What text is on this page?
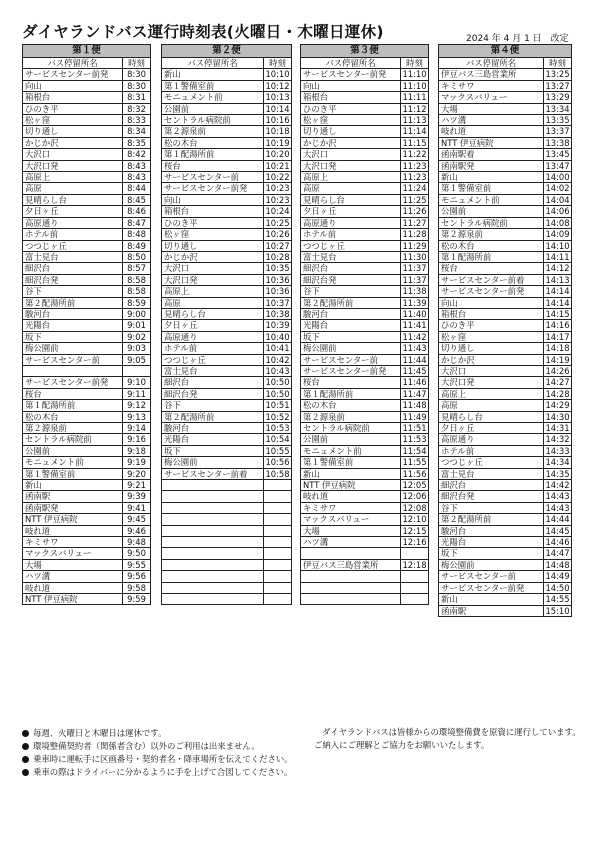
ダイヤランドバス運行時刻表(火曜日・木曜日運休)	2024 年 4 月 1 日　改定
第１便	
バス停留所名	時刻
サービスセンター前発	8:30
向山	8:30
箱根台	8:31
ひのき平	8:32
松ヶ窪	8:33
切り通し	8:34
かじか沢	8:35
大沢口	8:42
大沢口発	8:43
高原上	8:43
高原	8:44
見晴らし台	8:45
夕日ヶ丘	8:46
高原通り	8:47
ホテル前	8:48
つつじヶ丘	8:49
富士見台	8:50
細沢台	8:57
細沢台発	8:58
谷下	8:58
第２配湯所前	8:59
駿河台	9:00
光陽台	9:01
坂下	9:02
梅公園前	9:03
サービスセンター前	9:05

サービスセンター前発	9:10
桜台	9:11
第１配湯所前	9:12
松の木台	9:13
第２源泉前	9:14
セントラル病院前	9:16
公園前	9:18
モニュメント前	9:19
第１警備室前	9:20
新山	9:21
函南駅	9:39
函南駅発	9:41
NTT 伊豆病院	9:45
岐れ道	9:46
キミサワ	9:48
マックスバリュー	9:50
大場	9:55
ハツ溝	9:56
岐れ道	9:58
NTT 伊豆病院	9:59
第２便	
バス停留所名	時刻
新山	10:10
第１警備室前	10:12
モニュメント前	10:13
公園前	10:14
セントラル病院前	10:16
第２源泉前	10:18
松の木台	10:19
第１配湯所前	10:20
桜台	10:21
サービスセンター前	10:22
サービスセンター前発	10:23
向山	10:23
箱根台	10:24
ひのき平	10:25
松ヶ窪	10:26
切り通し	10:27
かじか沢	10:28
大沢口	10:35
大沢口発	10:36
高原上	10:36
高原	10:37
見晴らし台	10:38
夕日ヶ丘	10:39
高原通り	10:40
ホテル前	10:41
つつじヶ丘	10:42
富士見台	10:43
細沢台	10:50
細沢台発	10:50
谷下	10:51
第２配湯所前	10:52
駿河台	10:53
光陽台	10:54
坂下	10:55
梅公園前	10:56
サービスセンター前着	10:58

第３便	
バス停留所名	時刻
サービスセンター前発	11:10
向山	11:10
箱根台	11:11
ひのき平	11:12
松ヶ窪	11:13
切り通し	11:14
かじか沢	11:15
大沢口	11:22
大沢口発	11:23
高原上	11:23
高原	11:24
見晴らし台	11:25
夕日ヶ丘	11:26
高原通り	11:27
ホテル前	11:28
つつじヶ丘	11:29
富士見台	11:30
細沢台	11:37
細沢台発	11:37
谷下	11:38
第２配湯所前	11:39
駿河台	11:40
光陽台	11:41
坂下	11:42
梅公園前	11:43
サービスセンター前	11:44
サービスセンター前発	11:45
桜台	11:46
第１配湯所前	11:47
松の木台	11:48
第２源泉前	11:49
セントラル病院前	11:51
公園前	11:53
モニュメント前	11:54
第１警備室前	11:55
新山	11:56
NTT 伊豆病院	12:05
岐れ道	12:06
キミサワ	12:08
マックスバリュー	12:10
大場	12:15
ハツ溝	12:16

伊豆バス三島営業所	12:18

第４便	
バス停留所名	時刻
伊豆バス三島営業所	13:25
キミサワ	13:27
マックスバリュー	13:29
大場	13:34
ハツ溝	13:35
岐れ道	13:37
NTT 伊豆病院	13:38
函南駅着	13:45
函南駅発	13:47
新山	14:00
第１警備室前	14:02
モニュメント前	14:04
公園前	14:06
セントラル病院前	14:08
第２源泉前	14:09
松の木台	14:10
第１配湯所前	14:11
桜台	14:12
サービスセンター前着	14:13
サービスセンター前発	14:14
向山	14:14
箱根台	14:15
ひのき平	14:16
松ヶ窪	14:17
切り通し	14:18
かじか沢	14:19
大沢口	14:26
大沢口発	14:27
高原上	14:28
高原	14:29
見晴らし台	14:30
夕日ヶ丘	14:31
高原通り	14:32
ホテル前	14:33
つつじヶ丘	14:34
富士見台	14:35
細沢台	14:42
細沢台発	14:43
谷下	14:43
第２配湯所前	14:44
駿河台	14:45
光陽台	14:46
坂下	14:47
梅公園前	14:48
サービスセンター前	14:49
サービスセンター前発	14:50
新山	14:55
函南駅	15:10
毎週、火曜日と木曜日は運休です。
環境整備契約者（関係者含む）以外のご利用は出来ません。
乗車時に運転手に区画番号・契約者名・降車場所を伝えてください。
乗車の際はドライバーに分かるように手を上げて合図してください。
ダイヤランドバスは皆様からの環境整備費を原資に運行しています。ご納入にご理解とご協力をお願いいたします。
